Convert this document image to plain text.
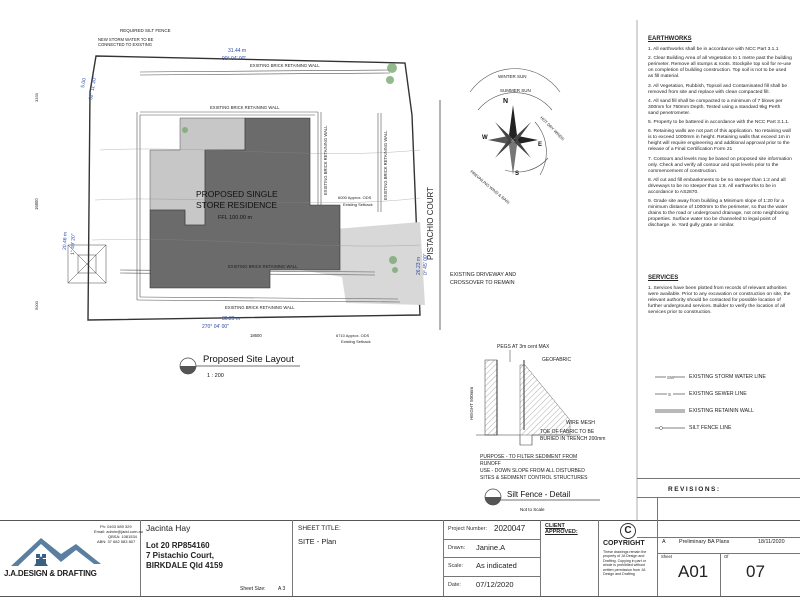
PISTACHIO COURT
REQUIRED SILT FENCE
NEW STORM WATER TO BE
CONNECTED TO EXISTING
31.44 m
90° 04' 00"
EXISTING BRICK RETAINING WALL
EXISTING BRICK RETAINING WALL
EXISTING BRICK RETAINING WALL
EXISTING BRICK RETAINING WALL
EXISTING BRICK RETAINING WALL	EXISTING BRICK RETAINING WALL
5.00 32° 11' 20"
20.46 m 1° 49' 20"
16800
3333
5000
26.23 m 0° 45' 00"
PROPOSED SINGLE
STORE RESIDENCE
FFL 100.00 m
6000 Approx. ODS
Existing Setback
EXISTING DRIVEWAY AND
CROSSOVER TO REMAIN
36.29 m
270° 04' 00"
18600	6710 Approx. ODS
Existing Setback
Proposed Site Layout
1 : 200
WINTER SUN
SUMMER SUN
HOT DRY WINDS
PREVAILING WIND & RAIN
N
S
E
W
PEGS AT 3m cent MAX
GEOFABRIC
HEIGHT 500mm
WIRE MESH
TOE OF FABRIC TO BE
BURIED IN TRENCH 200mm
PURPOSE - TO FILTER SEDIMENT FROM
RUNOFF
USE - DOWN SLOPE FROM ALL DISTURBED
SITES & SEDIMENT CONTROL STRUCTURES
Silt Fence - Detail
Not to Scale
EARTHWORKS

1. All earthworks shall be in accordance with NCC Part 3.1.1

2. Clear Building Area of all Vegetation to 1 metre past the building perimeter. Remove all stumps & roots. Stockpile top soil for re-use on completion of building construction. Top soil is not to be used as fill material.

3. All Vegetation, Rubbish, Topsoil and Contaminated fill shall be removed from site and replace with clean compacted fill.

4. All sand fill shall be compacted to a minimum of 7 blows per 300mm for 750mm Depth. Tested using a standard 9kg Perth sand penetrometer.

5. Property to be battered in accordance with the NCC Part 3.1.1.

6. Retaining walls are not part of this application. No retaining wall is to exceed 1000mm in height. Retaining walls that exceed 1m in height will require engineering and additional approval prior to the release of a Final Certification Form 21

7. Contours and levels may be based on proposed site information only. Check and verify all contour and spot levels prior to the commencement of construction.

8. All cut and fill embankments to be no steeper than 1:2 and all driveways to be no steeper than 1:6. All earthworks to be in accordance to AS2870.

9. Grade site away from building a Minimum slope of 1:20 for a minimum distance of 1000mm to the perimeter, so that the water drains to the road or underground drainage, not onto neighboring properties. Surface water too be channeled to legal point of discharge. ie. Yard gully grate or similar.

SERVICES

1. Services have been plotted from records of relevant athorities were available. Prior to any excavation or construction on site, the relevant authority should be contacted for possible location of further underground services. Builder to verify the location of all services prior to construction.

SW	EXISTING STORM WATER LINE
S	EXISTING SEWER LINE
EXISTING RETAININ WALL
SILT FENCE LINE
REVISIONS:
A Preliminary BA Plans	18/11/2020
J.A.DESIGN & DRAFTING
Ph: 0403 589 329
Email: admin@jadd.com.au
QBSA: 1081534
ABN: 37 682 583 807
Jacinta Hay
Lot 20 RP854160
7 Pistachio Court,
BIRKDALE Qld 4159
Sheet Size: A 3
SHEET TITLE:
SITE - Plan
Project Number: 2020047
Drawn: Janine.A
Scale: As indicated
Date: 07/12/2020
CLIENT APPROVED:	C
COPYRIGHT
These drawings remain the property of JA Design and Drafting. Copying in part or whole is prohibited without written permission from JA Design and Drafting
Sheet	Of
A01 07
